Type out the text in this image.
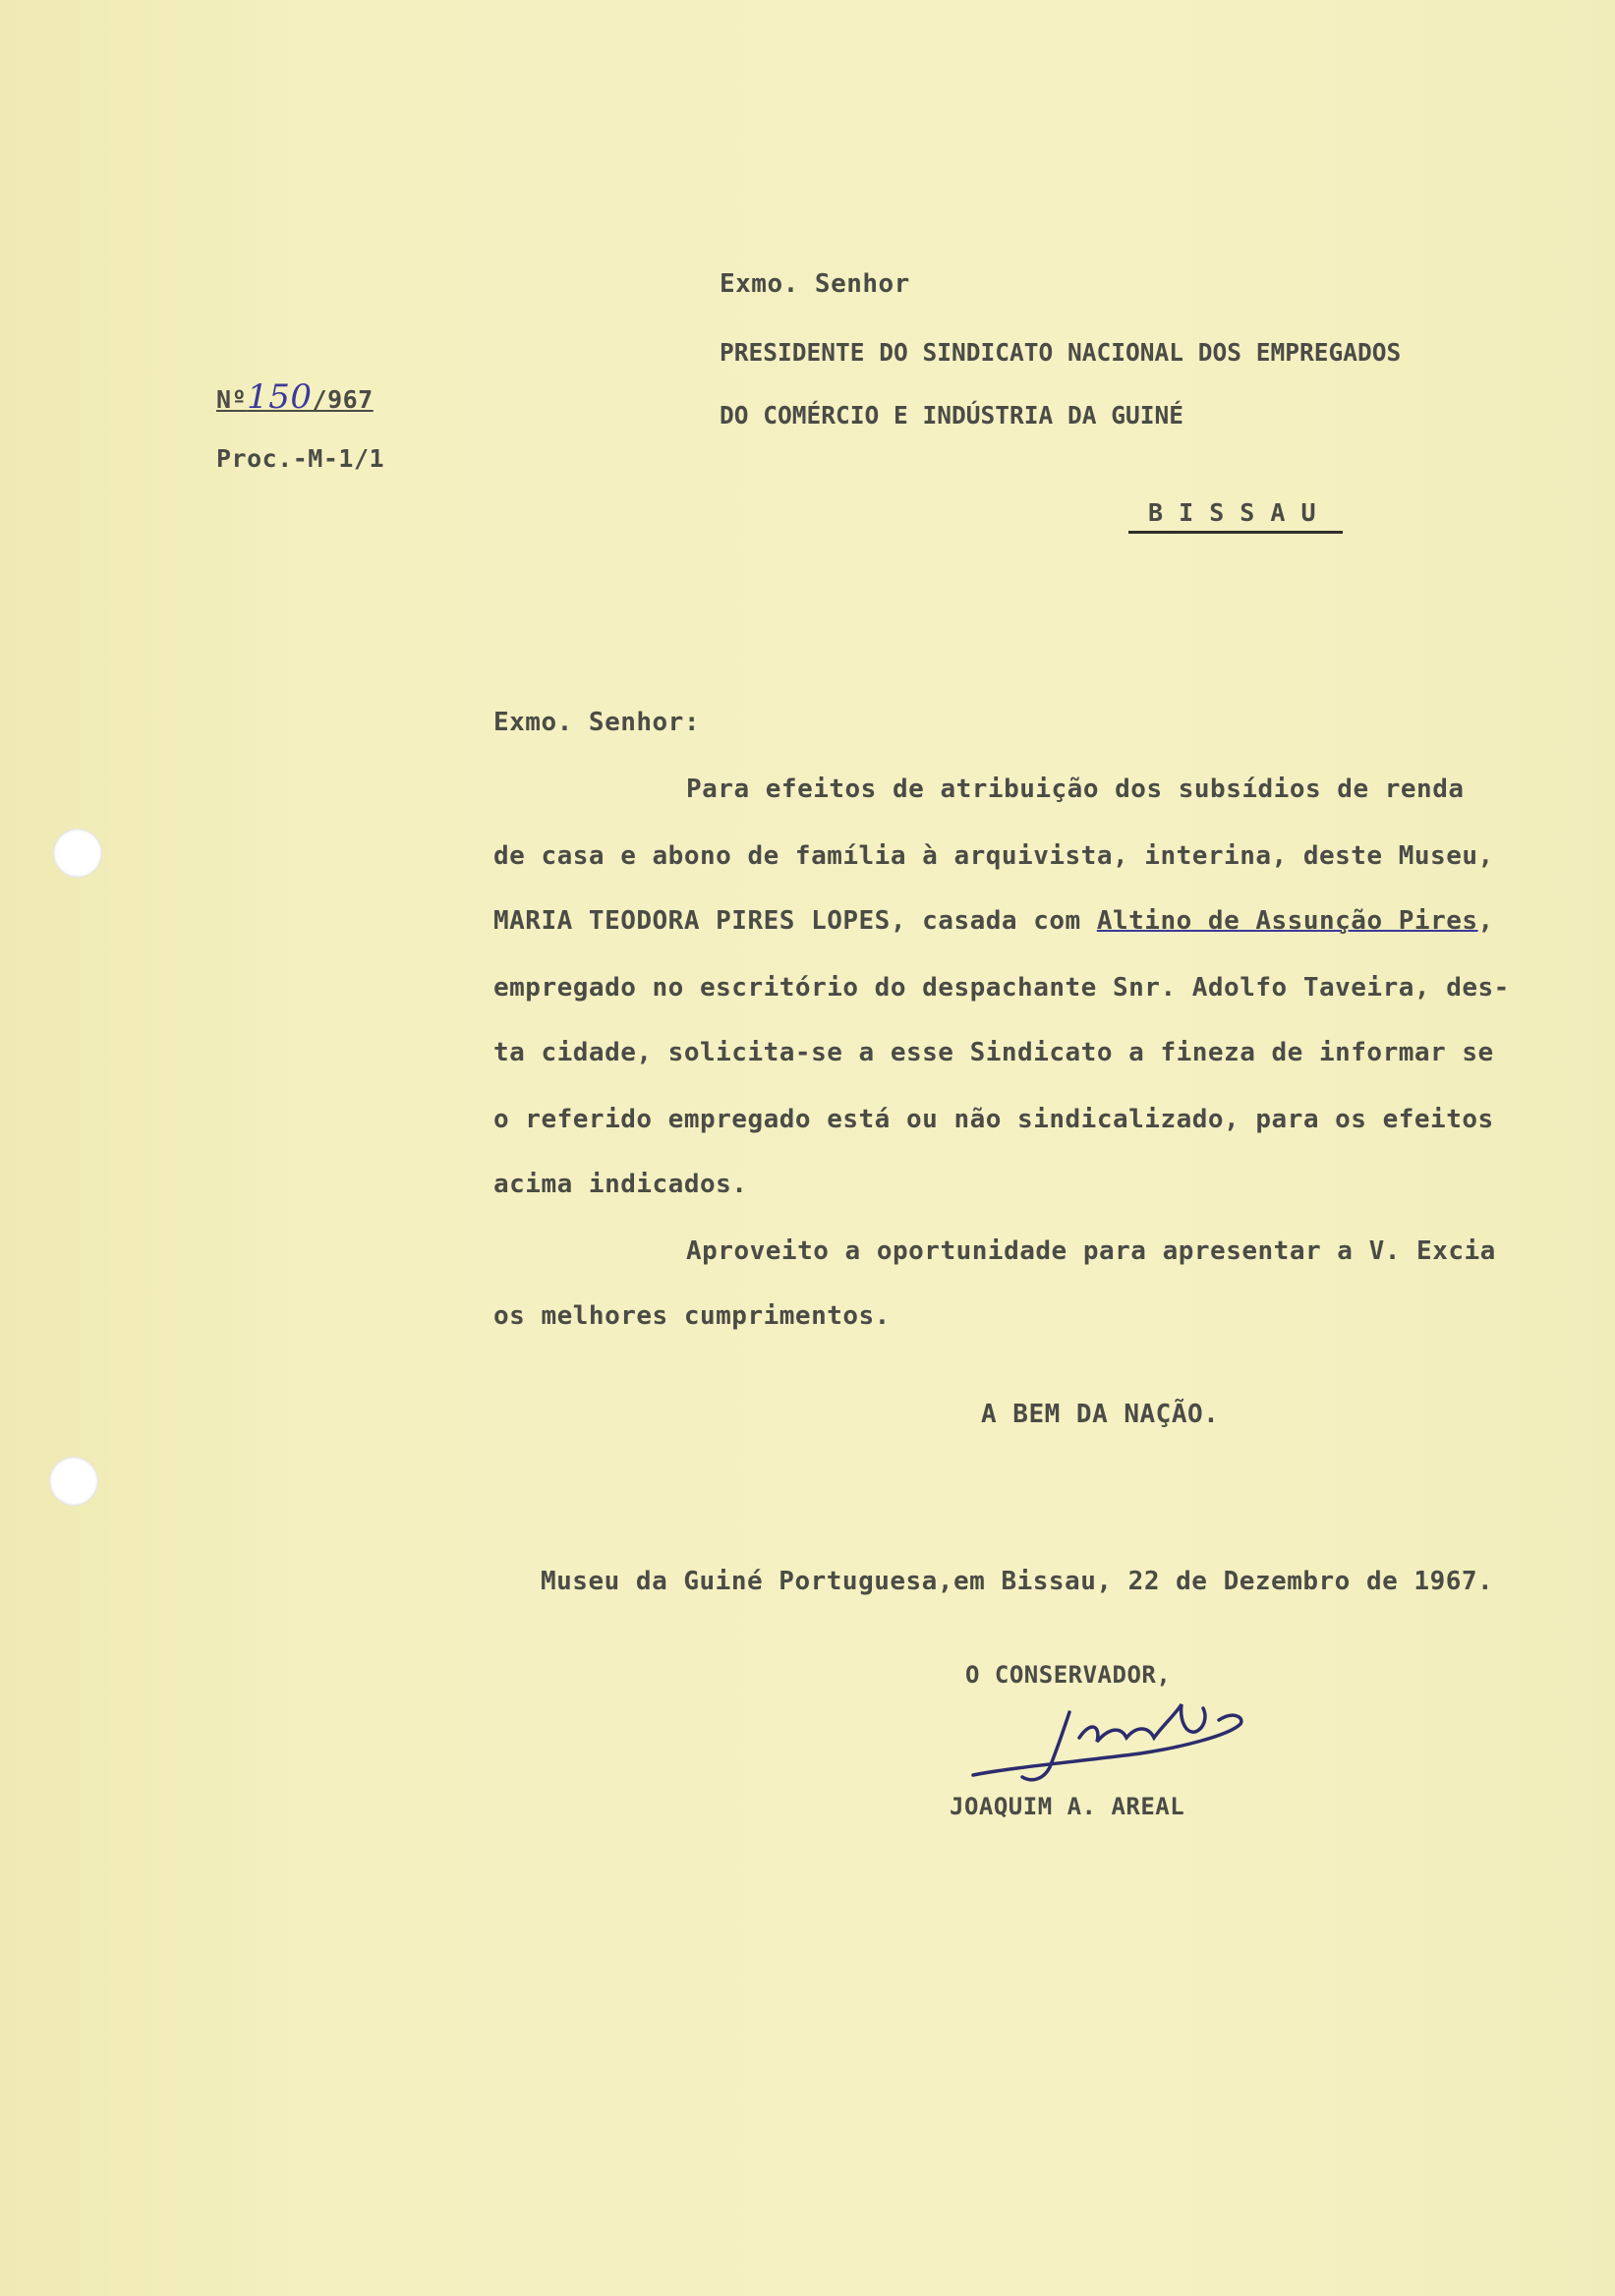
Nº150/967
Proc.-M-1/1
Exmo. Senhor
PRESIDENTE DO SINDICATO NACIONAL DOS EMPREGADOS
DO COMÉRCIO E INDÚSTRIA DA GUINÉ
B I S S A U
Exmo. Senhor:
Para efeitos de atribuição dos subsídios de renda
de casa e abono de família à arquivista, interina, deste Museu,
MARIA TEODORA PIRES LOPES, casada com Altino de Assunção Pires,
empregado no escritório do despachante Snr. Adolfo Taveira, des-
ta cidade, solicita-se a esse Sindicato a fineza de informar se
o referido empregado está ou não sindicalizado, para os efeitos
acima indicados.
Aproveito a oportunidade para apresentar a V. Excia
os melhores cumprimentos.
A BEM DA NAÇÃO.
Museu da Guiné Portuguesa,em Bissau, 22 de Dezembro de 1967.
O CONSERVADOR,
JOAQUIM A. AREAL
